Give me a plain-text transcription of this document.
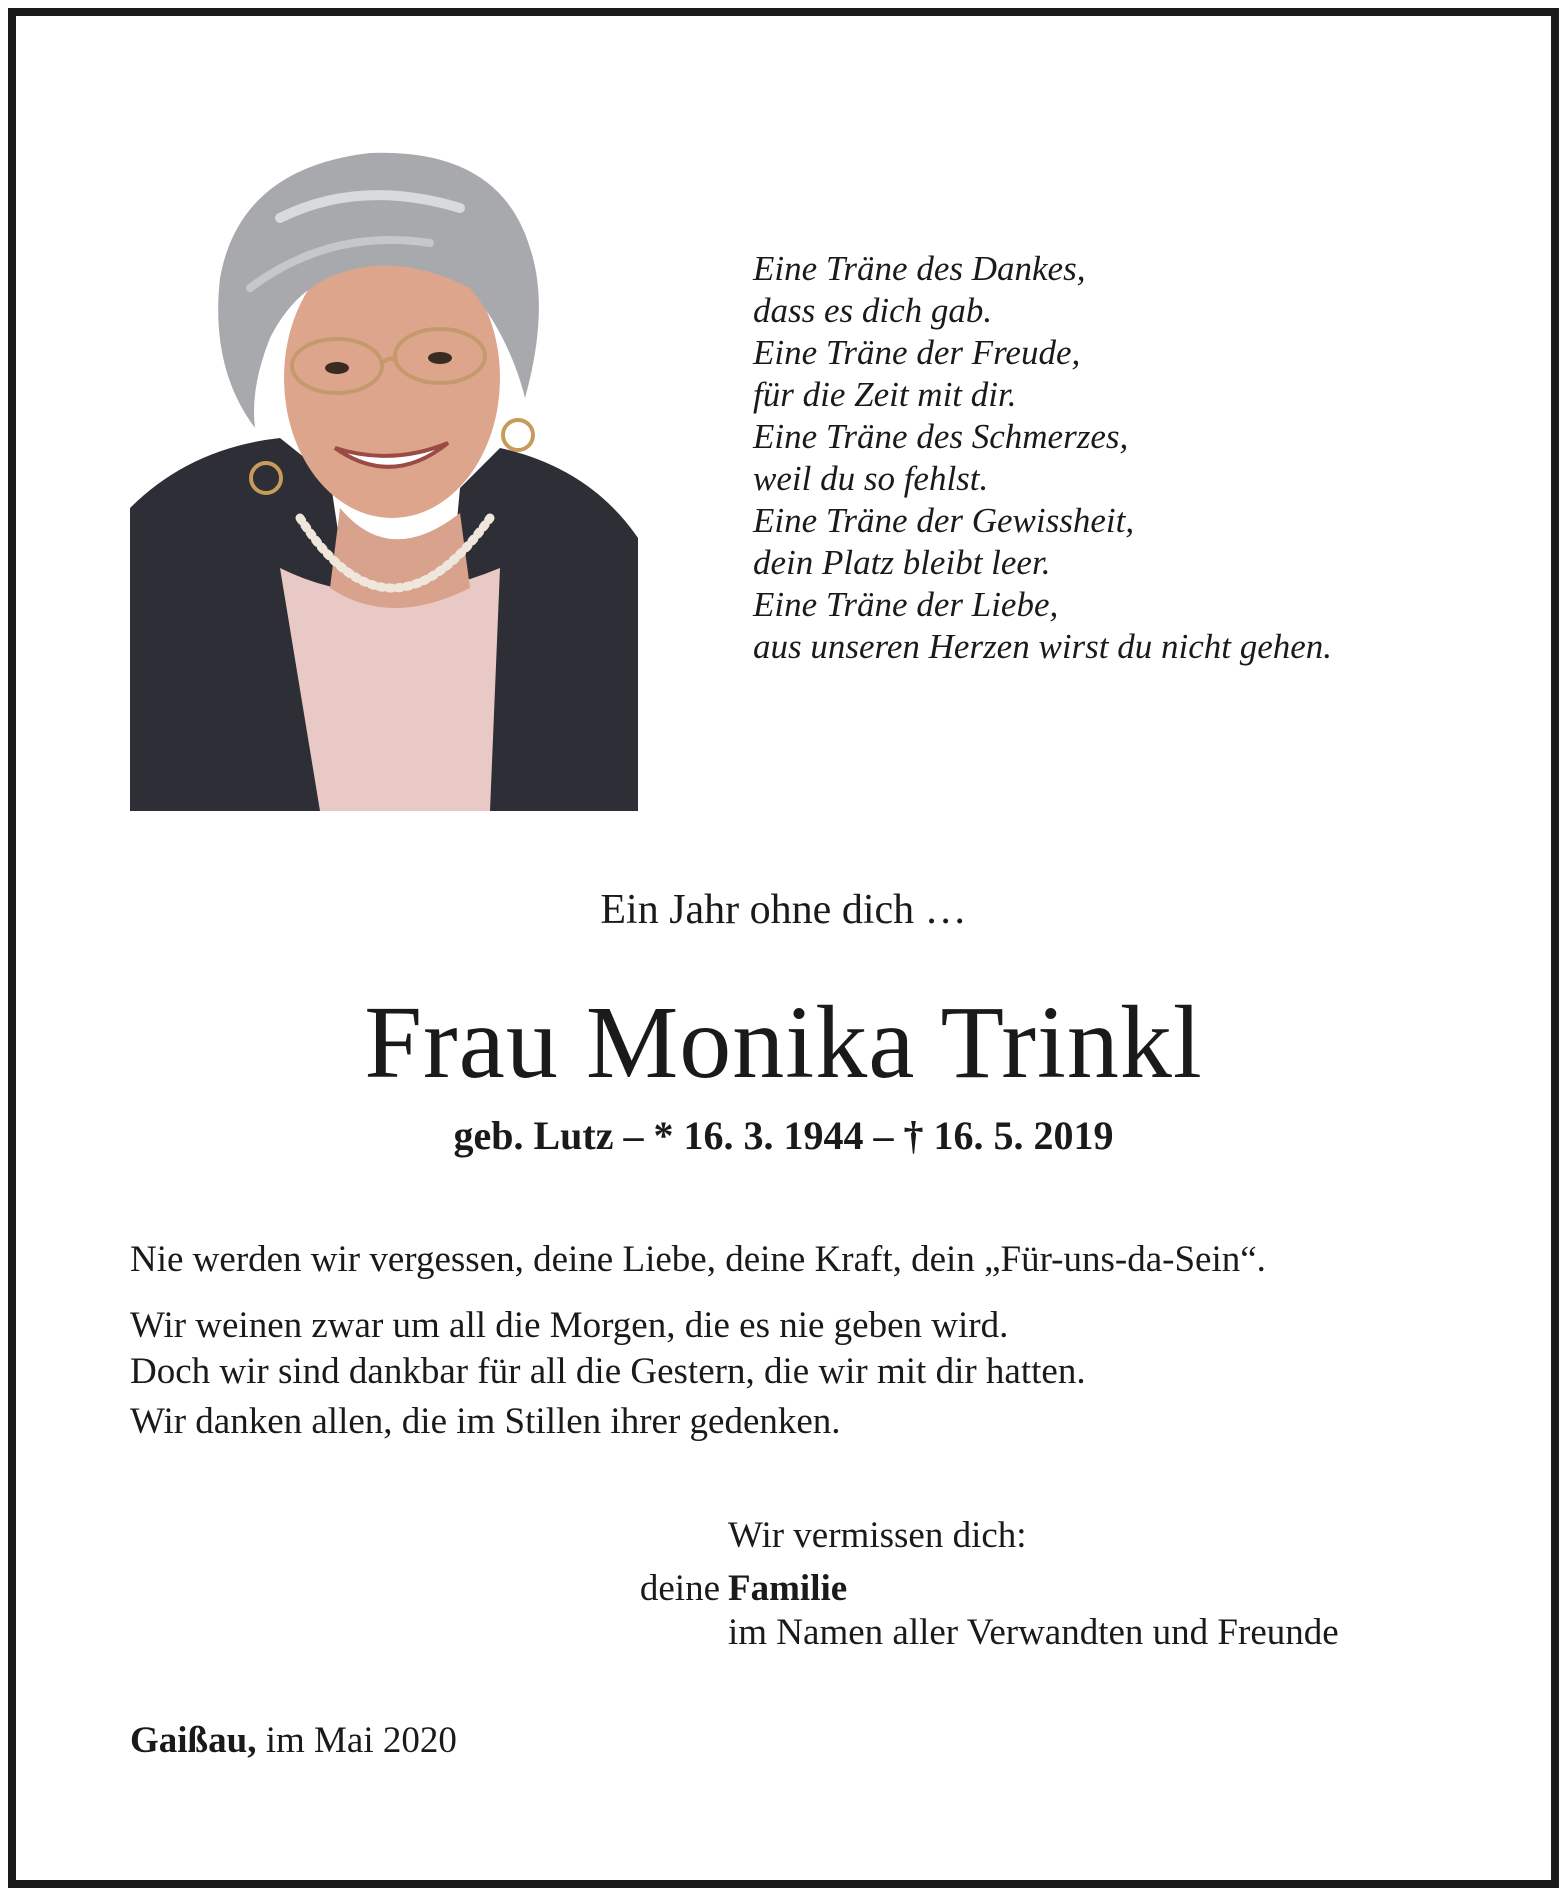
Eine Träne des Dankes,
dass es dich gab.
Eine Träne der Freude,
für die Zeit mit dir.
Eine Träne des Schmerzes,
weil du so fehlst.
Eine Träne der Gewissheit,
dein Platz bleibt leer.
Eine Träne der Liebe,
aus unseren Herzen wirst du nicht gehen.
Ein Jahr ohne dich …
Frau Monika Trinkl
geb. Lutz – * 16. 3. 1944 – † 16. 5. 2019
Nie werden wir vergessen, deine Liebe, deine Kraft, dein „Für-uns-da-Sein“.
Wir weinen zwar um all die Morgen, die es nie geben wird.
Doch wir sind dankbar für all die Gestern, die wir mit dir hatten.
Wir danken allen, die im Stillen ihrer gedenken.
Wir vermissen dich:
deine Familie
im Namen aller Verwandten und Freunde
Gaißau, im Mai 2020
